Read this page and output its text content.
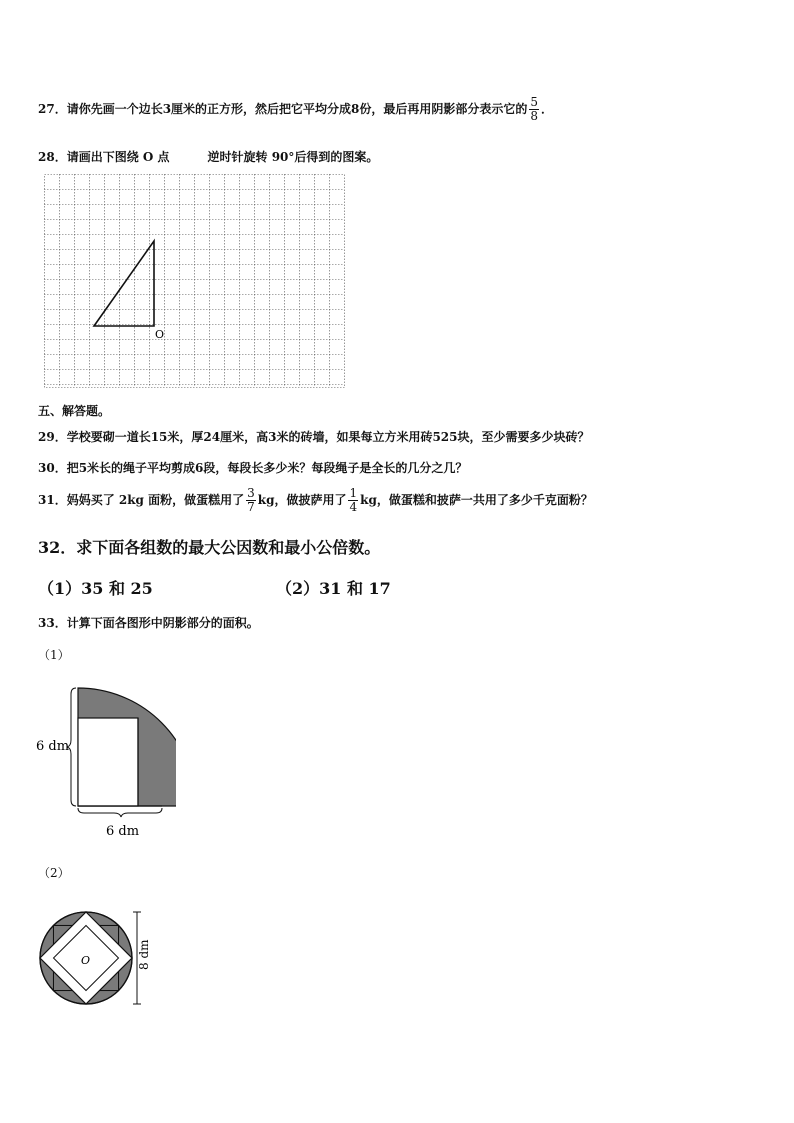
27．请你先画一个边长3厘米的正方形，然后把它平均分成8份，最后再用阴影部分表示它的 $\frac{5}{8}$ ．
28．请画出下图绕 O 点	逆时针旋转 90°后得到的图案。
O
五、解答题。
29．学校要砌一道长15米，厚24厘米，高3米的砖墙，如果每立方米用砖525块，至少需要多少块砖？
30．把5米长的绳子平均剪成6段，每段长多少米？每段绳子是全长的几分之几？
31．妈妈买了 2kg 面粉，做蛋糕用了 $\frac{3}{7}$ kg，做披萨用了 $\frac{1}{4}$ kg，做蛋糕和披萨一共用了多少千克面粉？
32．求下面各组数的最大公因数和最小公倍数。
（1）35 和 25	（2）31 和 17
33．计算下面各图形中阴影部分的面积。
（1）
6 dm
6 dm
（2）
O	8 dm
